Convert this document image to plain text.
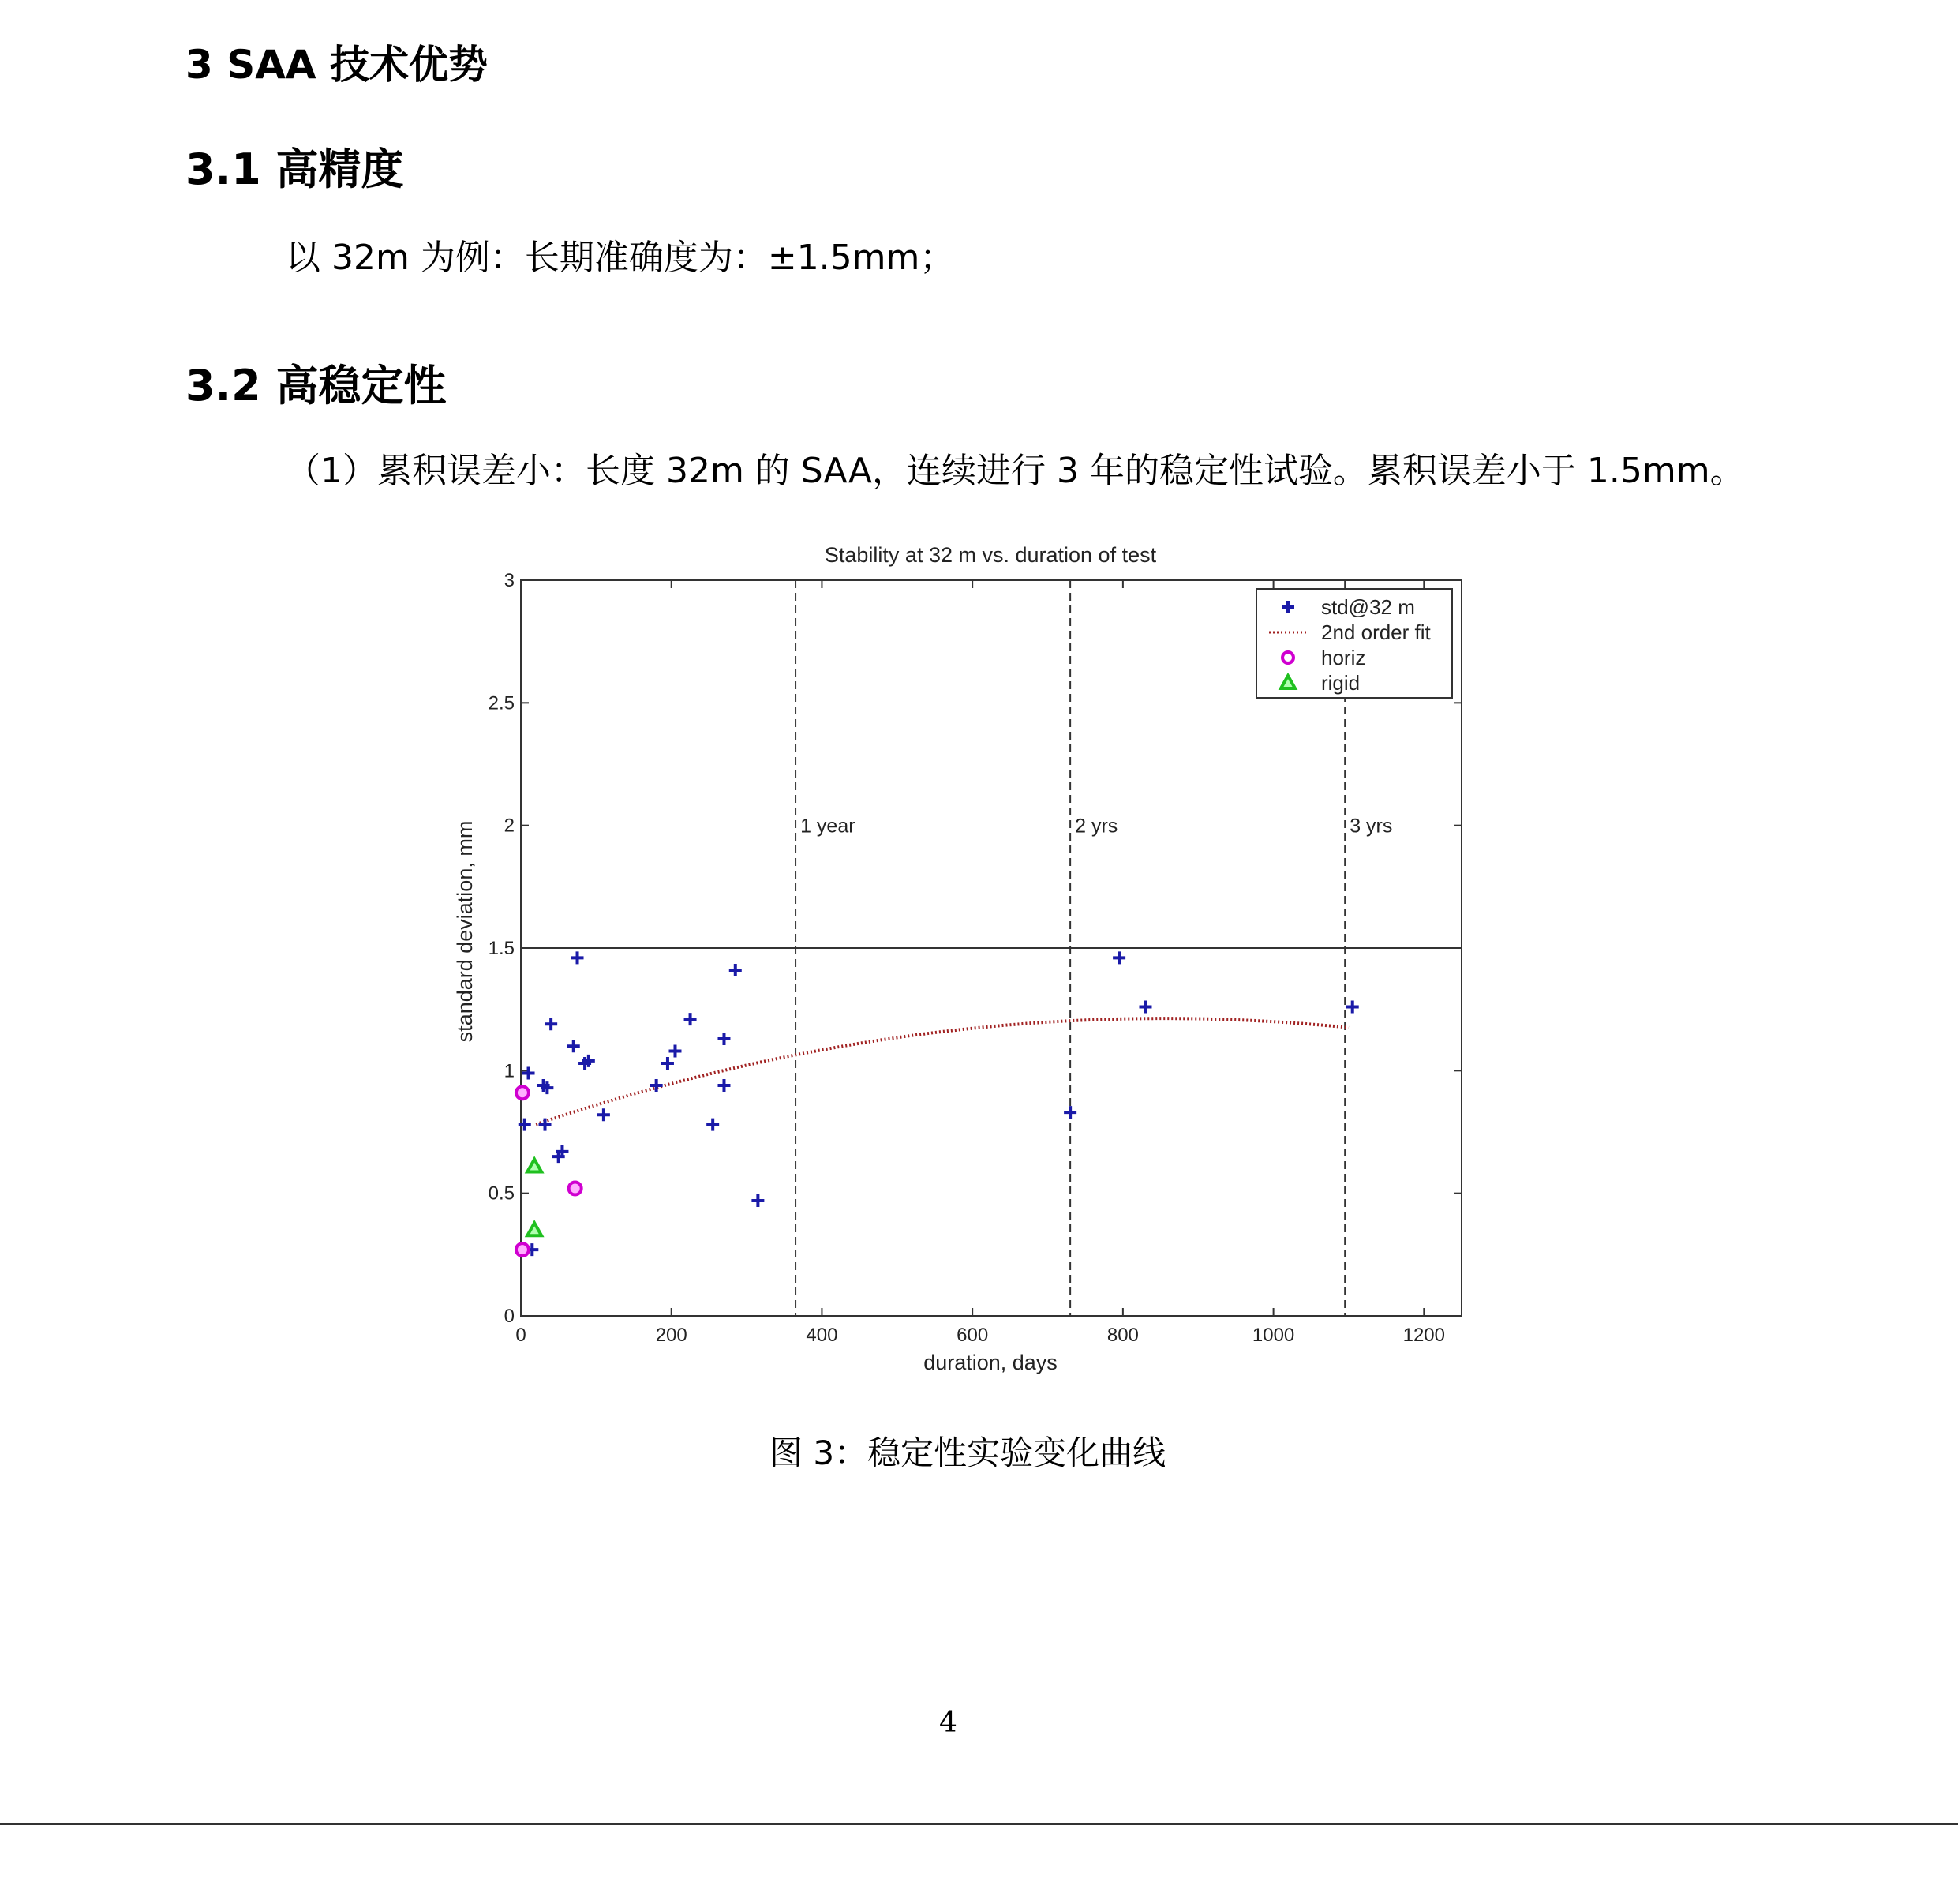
3 SAA 技术优势
3.1 高精度
以 32m 为例：长期准确度为：±1.5mm；
3.2 高稳定性
（1）累积误差小：长度 32m 的 SAA，连续进行 3 年的稳定性试验。累积误差小于 1.5mm。
Stability at 32 m vs. duration of test
duration, days
standard deviation, mm
0	200	400	600	800	1000	1200
0
0.5
1
1.5
2
2.5
3
1 year	2 yrs	3 yrs
std@32 m
2nd order fit
horiz
rigid
图 3：稳定性实验变化曲线
4
